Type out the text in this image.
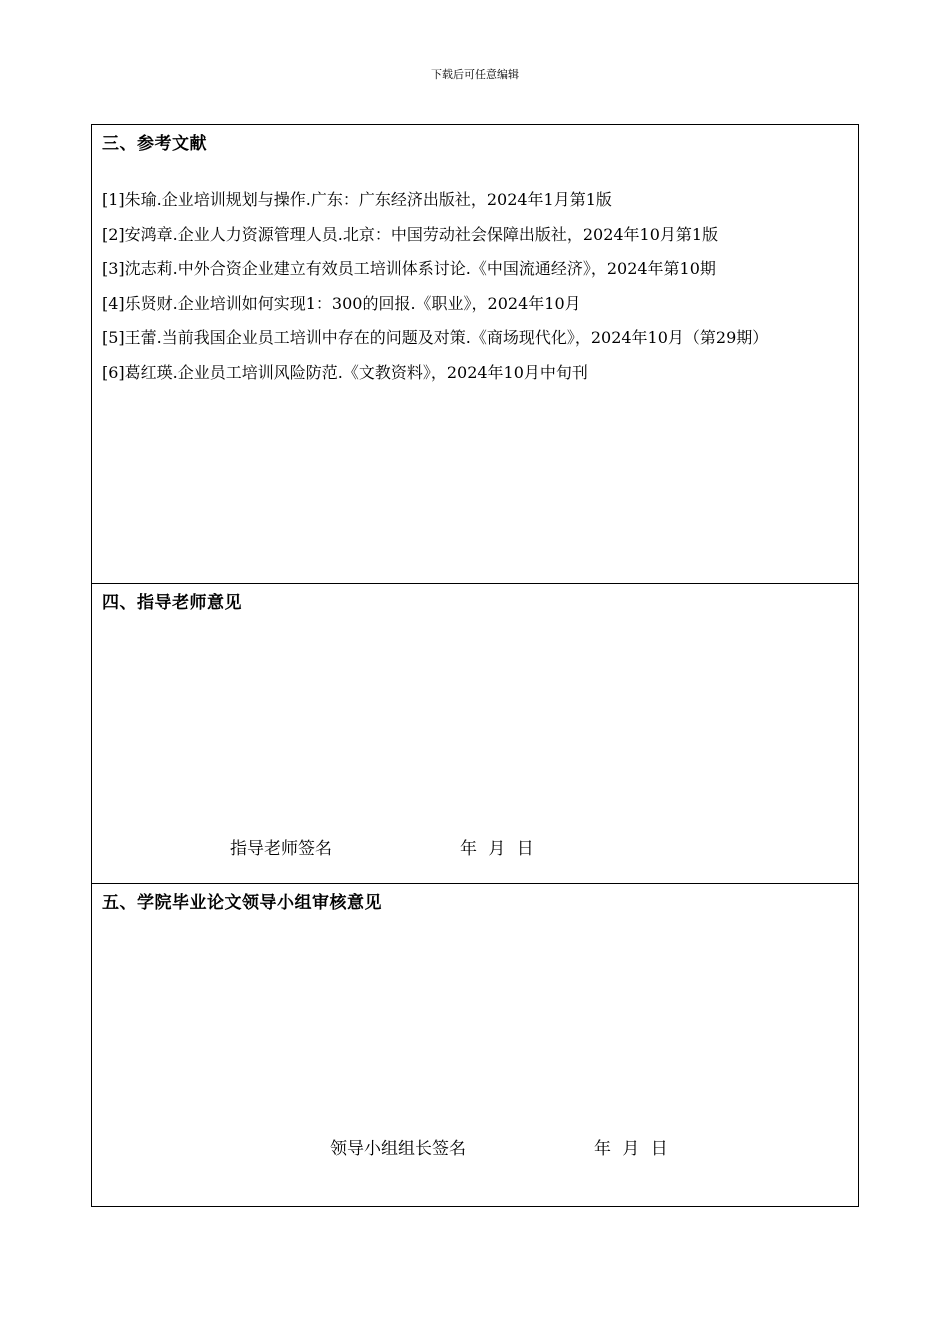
下载后可任意编辑
三、参考文献
[1]朱瑜.企业培训规划与操作.广东：广东经济出版社，2024年1月第1版
[2]安鸿章.企业人力资源管理人员.北京：中国劳动社会保障出版社，2024年10月第1版
[3]沈志莉.中外合资企业建立有效员工培训体系讨论.《中国流通经济》，2024年第10期
[4]乐贤财.企业培训如何实现1：300的回报.《职业》，2024年10月
[5]王蕾.当前我国企业员工培训中存在的问题及对策.《商场现代化》，2024年10月（第29期）
[6]葛红瑛.企业员工培训风险防范.《文教资料》，2024年10月中旬刊
四、指导老师意见
指导老师签名	年 月 日
五、学院毕业论文领导小组审核意见
领导小组组长签名	年 月 日
